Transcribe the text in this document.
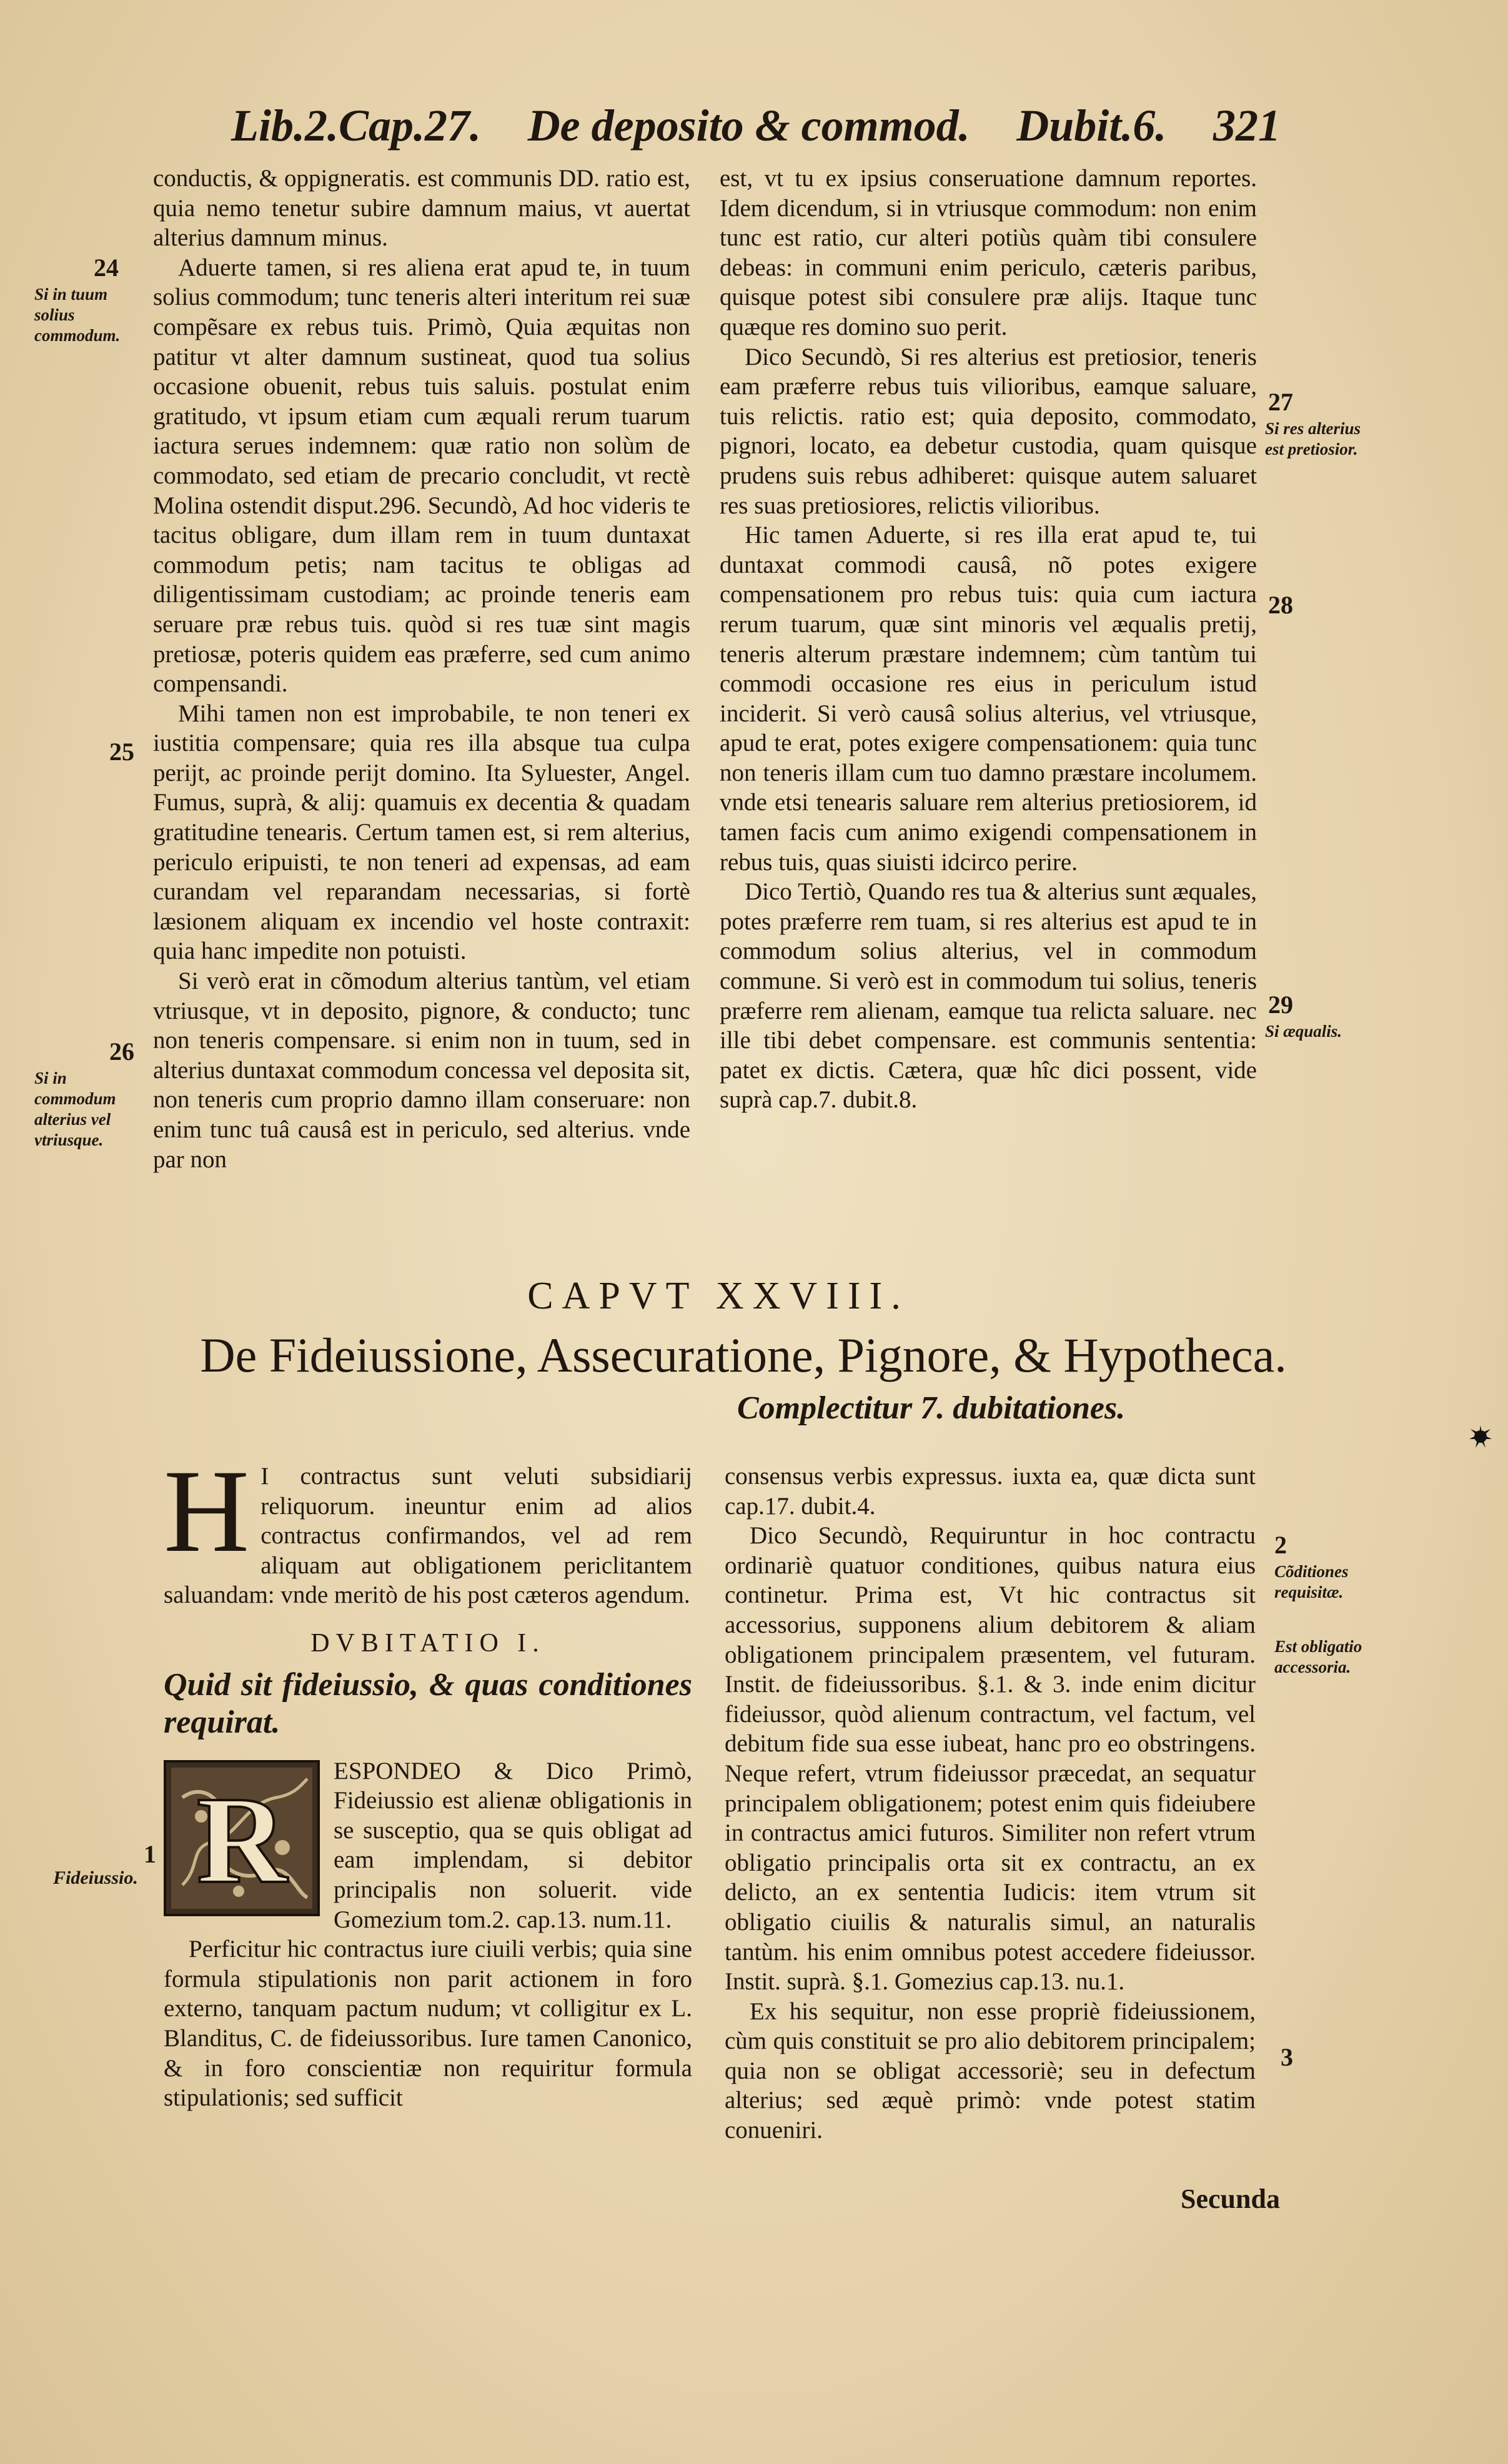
Lib.2.Cap.27. De deposito & commod. Dubit.6. 321

conductis, & oppigneratis. est communis DD. ratio est, quia nemo tenetur subire damnum maius, vt auertat alterius damnum minus.

Aduerte tamen, si res aliena erat apud te, in tuum solius commodum; tunc teneris alteri interitum rei suæ compẽsare ex rebus tuis. Primò, Quia æquitas non patitur vt alter damnum sustineat, quod tua solius occasione obuenit, rebus tuis saluis. postulat enim gratitudo, vt ipsum etiam cum æquali rerum tuarum iactura serues indemnem: quæ ratio non solùm de commodato, sed etiam de precario concludit, vt rectè Molina ostendit disput.296. Secundò, Ad hoc videris te tacitus obligare, dum illam rem in tuum duntaxat commodum petis; nam tacitus te obligas ad diligentissimam custodiam; ac proinde teneris eam seruare præ rebus tuis. quòd si res tuæ sint magis pretiosæ, poteris quidem eas præferre, sed cum animo compensandi.

Mihi tamen non est improbabile, te non teneri ex iustitia compensare; quia res illa absque tua culpa perijt, ac proinde perijt domino. Ita Syluester, Angel. Fumus, suprà, & alij: quamuis ex decentia & quadam gratitudine tenearis. Certum tamen est, si rem alterius, periculo eripuisti, te non teneri ad expensas, ad eam curandam vel reparandam necessarias, si fortè læsionem aliquam ex incendio vel hoste contraxit: quia hanc impedite non potuisti.

Si verò erat in cõmodum alterius tantùm, vel etiam vtriusque, vt in deposito, pignore, & conducto; tunc non teneris compensare. si enim non in tuum, sed in alterius duntaxat commodum concessa vel deposita sit, non teneris cum proprio damno illam conseruare: non enim tunc tuâ causâ est in periculo, sed alterius. vnde par non

est, vt tu ex ipsius conseruatione damnum reportes. Idem dicendum, si in vtriusque commodum: non enim tunc est ratio, cur alteri potiùs quàm tibi consulere debeas: in communi enim periculo, cæteris paribus, quisque potest sibi consulere præ alijs. Itaque tunc quæque res domino suo perit.

Dico Secundò, Si res alterius est pretiosior, teneris eam præferre rebus tuis vilioribus, eamque saluare, tuis relictis. ratio est; quia deposito, commodato, pignori, locato, ea debetur custodia, quam quisque prudens suis rebus adhiberet: quisque autem saluaret res suas pretiosiores, relictis vilioribus.

Hic tamen Aduerte, si res illa erat apud te, tui duntaxat commodi causâ, nõ potes exigere compensationem pro rebus tuis: quia cum iactura rerum tuarum, quæ sint minoris vel æqualis pretij, teneris alterum præstare indemnem; cùm tantùm tui commodi occasione res eius in periculum istud inciderit. Si verò causâ solius alterius, vel vtriusque, apud te erat, potes exigere compensationem: quia tunc non teneris illam cum tuo damno præstare incolumem. vnde etsi tenearis saluare rem alterius pretiosiorem, id tamen facis cum animo exigendi compensationem in rebus tuis, quas siuisti idcirco perire.

Dico Tertiò, Quando res tua & alterius sunt æquales, potes præferre rem tuam, si res alterius est apud te in commodum solius alterius, vel in commodum commune. Si verò est in commodum tui solius, teneris præferre rem alienam, eamque tua relicta saluare. nec ille tibi debet compensare. est communis sententia: patet ex dictis. Cætera, quæ hîc dici possent, vide suprà cap.7. dubit.8.

24
Si in tuum solius commodum.
25
26
Si in commodum alterius vel vtriusque.
27
Si res alterius est pretiosior.
28
29
Si æqualis.
CAPVT XXVIII.
De Fideiussione, Assecuratione, Pignore, & Hypotheca.
Complectitur 7. dubitationes.

H I contractus sunt veluti subsidiarij reliquorum. ineuntur enim ad alios contractus confirmandos, vel ad rem aliquam aut obligationem periclitantem saluandam: vnde meritò de his post cæteros agendum.

DVBITATIO I.

Quid sit fideiussio, & quas conditiones requirat.

R
ESPONDEO & Dico Primò, Fideiussio est alienæ obligationis in se susceptio, qua se quis obligat ad eam implendam, si debitor principalis non soluerit. vide Gomezium tom.2. cap.13. num.11.

Perficitur hic contractus iure ciuili verbis; quia sine formula stipulationis non parit actionem in foro externo, tanquam pactum nudum; vt colligitur ex L. Blanditus, C. de fideiussoribus. Iure tamen Canonico, & in foro conscientiæ non requiritur formula stipulationis; sed sufficit

consensus verbis expressus. iuxta ea, quæ dicta sunt cap.17. dubit.4.

Dico Secundò, Requiruntur in hoc contractu ordinariè quatuor conditiones, quibus natura eius continetur. Prima est, Vt hic contractus sit accessorius, supponens alium debitorem & aliam obligationem principalem præsentem, vel futuram. Instit. de fideiussoribus. §.1. & 3. inde enim dicitur fideiussor, quòd alienum contractum, vel factum, vel debitum fide sua esse iubeat, hanc pro eo obstringens. Neque refert, vtrum fideiussor præcedat, an sequatur principalem obligationem; potest enim quis fideiubere in contractus amici futuros. Similiter non refert vtrum obligatio principalis orta sit ex contractu, an ex delicto, an ex sententia Iudicis: item vtrum sit obligatio ciuilis & naturalis simul, an naturalis tantùm. his enim omnibus potest accedere fideiussor. Instit. suprà. §.1. Gomezius cap.13. nu.1.

Ex his sequitur, non esse propriè fideiussionem, cùm quis constituit se pro alio debitorem principalem; quia non se obligat accessoriè; seu in defectum alterius; sed æquè primò: vnde potest statim conueniri.

1
Fideiussio.
2
Cõditiones requisitæ.
Est obligatio accessoria.
3
Secunda
